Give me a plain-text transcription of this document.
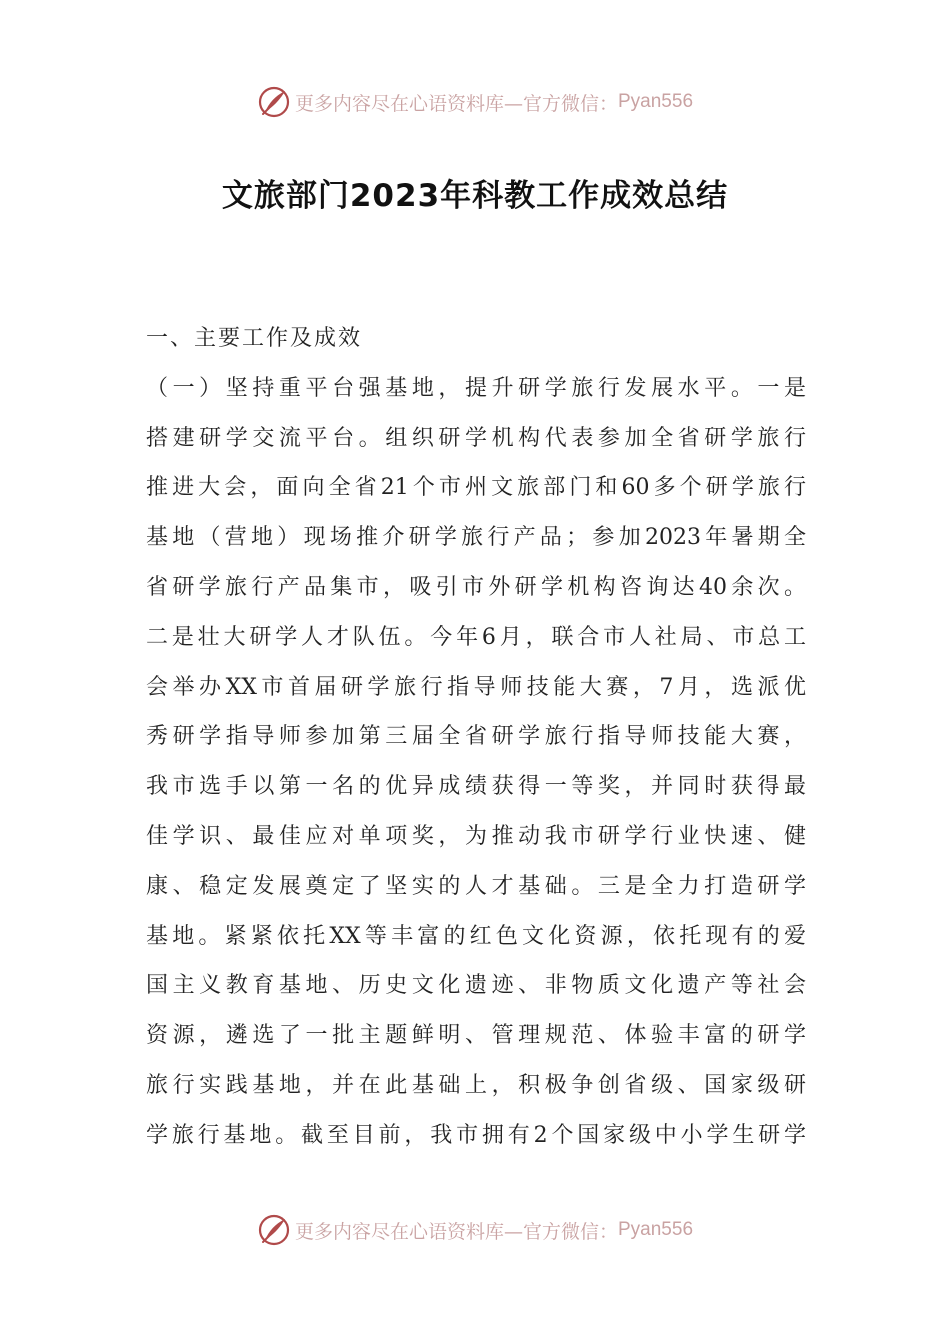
更多内容尽在心语资料库—官方微信： Pyan556
文旅部门2023年科教工作成效总结
一、主要工作及成效
（一）坚持重平台强基地，提升研学旅行发展水平。一是
搭建研学交流平台。组织研学机构代表参加全省研学旅行
推进大会，面向全省21个市州文旅部门和60多个研学旅行
基地（营地）现场推介研学旅行产品；参加2023年暑期全
省研学旅行产品集市，吸引市外研学机构咨询达40余次。
二是壮大研学人才队伍。今年6月，联合市人社局、市总工
会举办XX市首届研学旅行指导师技能大赛，7月，选派优
秀研学指导师参加第三届全省研学旅行指导师技能大赛，
我市选手以第一名的优异成绩获得一等奖，并同时获得最
佳学识、最佳应对单项奖，为推动我市研学行业快速、健
康、稳定发展奠定了坚实的人才基础。三是全力打造研学
基地。紧紧依托XX等丰富的红色文化资源，依托现有的爱
国主义教育基地、历史文化遗迹、非物质文化遗产等社会
资源，遴选了一批主题鲜明、管理规范、体验丰富的研学
旅行实践基地，并在此基础上，积极争创省级、国家级研
学旅行基地。截至目前，我市拥有2个国家级中小学生研学
更多内容尽在心语资料库—官方微信： Pyan556
